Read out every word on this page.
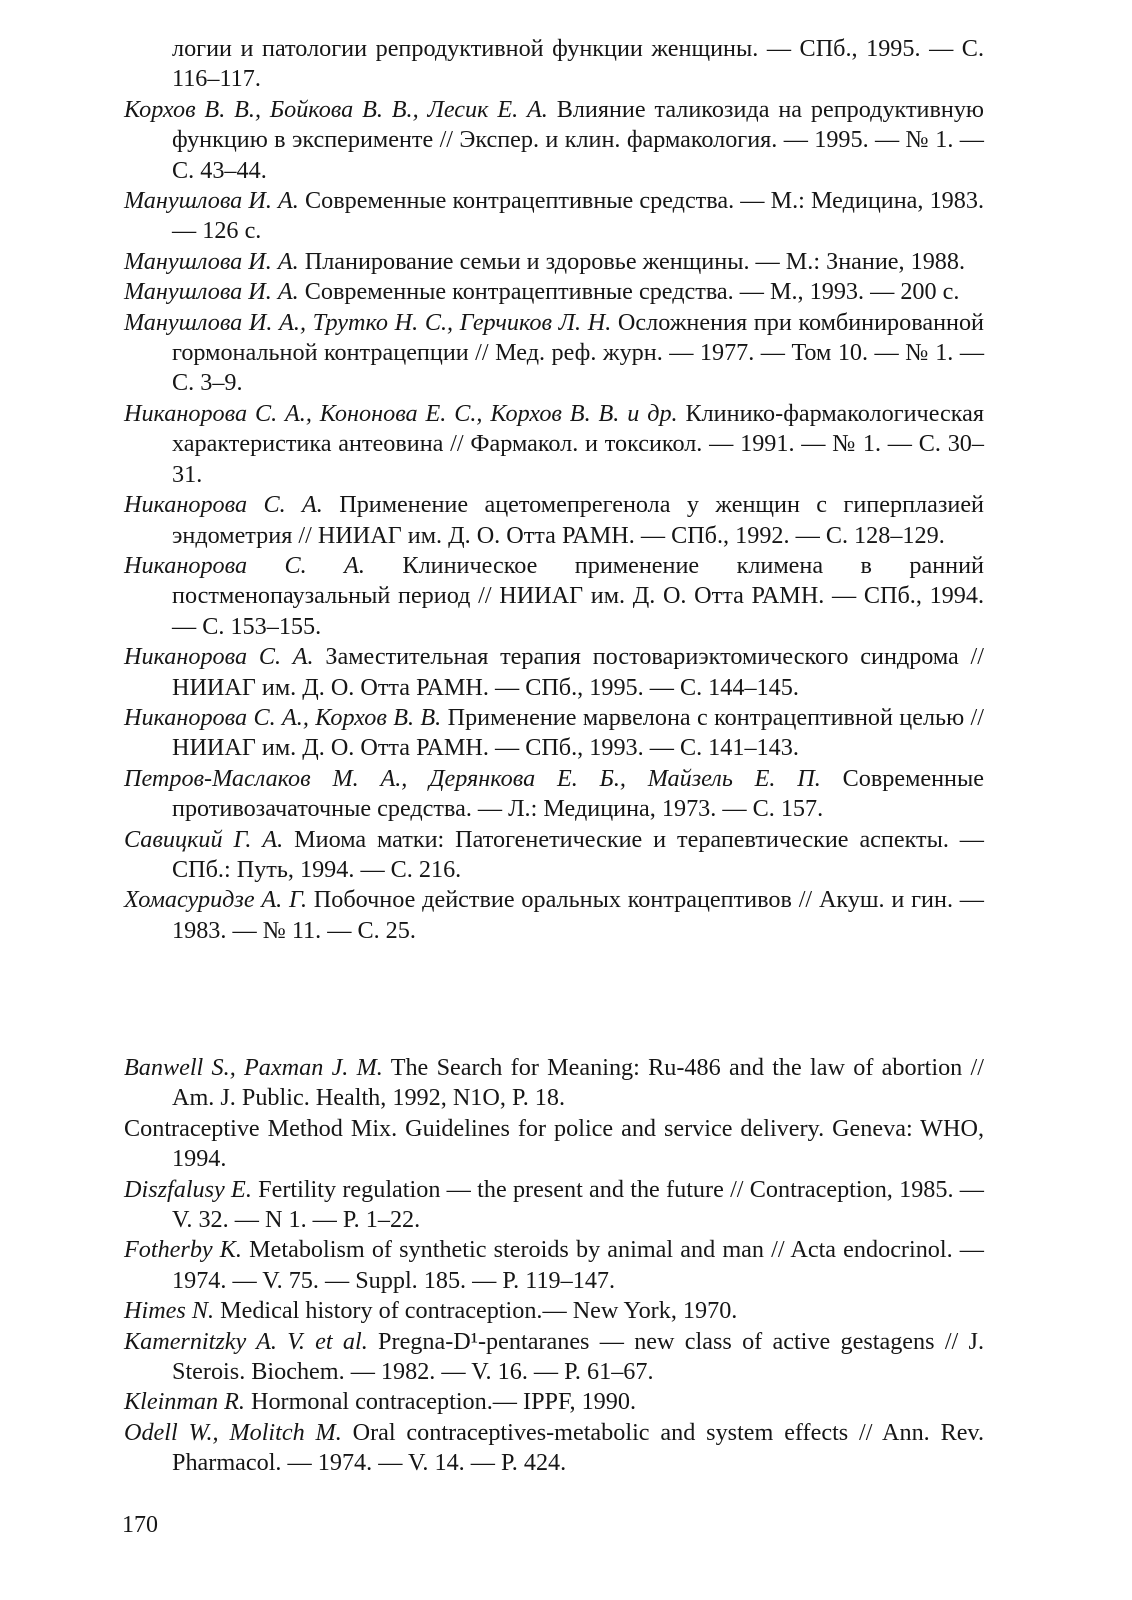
логии и патологии репродуктивной функции женщины. — СПб., 1995. — С. 116–117.
Корхов В. В., Бойкова В. В., Лесик Е. А. Влияние таликозида на репродуктивную функцию в эксперименте // Экспер. и клин. фармакология. — 1995. — № 1. — С. 43–44.
Манушлова И. А. Современные контрацептивные средства. — М.: Медицина, 1983. — 126 с.
Манушлова И. А. Планирование семьи и здоровье женщины. — М.: Знание, 1988.
Манушлова И. А. Современные контрацептивные средства. — М., 1993. — 200 с.
Манушлова И. А., Трутко Н. С., Герчиков Л. Н. Осложнения при комбинированной гормональной контрацепции // Мед. реф. журн. — 1977. — Том 10. — № 1. — С. 3–9.
Никанорова С. А., Кононова Е. С., Корхов В. В. и др. Клинико-фармакологическая характеристика антеовина // Фармакол. и токсикол. — 1991. — № 1. — С. 30–31.
Никанорова С. А. Применение ацетомепрегенола у женщин с гиперплазией эндометрия // НИИАГ им. Д. О. Отта РАМН. — СПб., 1992. — С. 128–129.
Никанорова С. А. Клиническое применение климена в ранний постменопаузальный период // НИИАГ им. Д. О. Отта РАМН. — СПб., 1994. — С. 153–155.
Никанорова С. А. Заместительная терапия постовариэктомического синдрома // НИИАГ им. Д. О. Отта РАМН. — СПб., 1995. — С. 144–145.
Никанорова С. А., Корхов В. В. Применение марвелона с контрацептивной целью // НИИАГ им. Д. О. Отта РАМН. — СПб., 1993. — С. 141–143.
Петров-Маслаков М. А., Дерянкова Е. Б., Майзель Е. П. Современные противозачаточные средства. — Л.: Медицина, 1973. — С. 157.
Савицкий Г. А. Миома матки: Патогенетические и терапевтические аспекты. — СПб.: Путь, 1994. — С. 216.
Хомасуридзе А. Г. Побочное действие оральных контрацептивов // Акуш. и гин. — 1983. — № 11. — С. 25.
Banwell S., Paxman J. M. The Search for Meaning: Ru-486 and the law of abortion // Am. J. Public. Health, 1992, N1O, P. 18.
Contraceptive Method Mix. Guidelines for police and service delivery. Geneva: WHO, 1994.
Diszfalusy E. Fertility regulation — the present and the future // Contraception, 1985. — V. 32. — N 1. — P. 1–22.
Fotherby K. Metabolism of synthetic steroids by animal and man // Acta endocrinol. — 1974. — V. 75. — Suppl. 185. — P. 119–147.
Himes N. Medical history of contraception.— New York, 1970.
Kamernitzky A. V. et al. Pregna-D¹-pentaranes — new class of active gestagens // J. Sterois. Biochem. — 1982. — V. 16. — P. 61–67.
Kleinman R. Hormonal contraception.— IPPF, 1990.
Odell W., Molitch M. Oral contraceptives-metabolic and system effects // Ann. Rev. Pharmacol. — 1974. — V. 14. — P. 424.
170
